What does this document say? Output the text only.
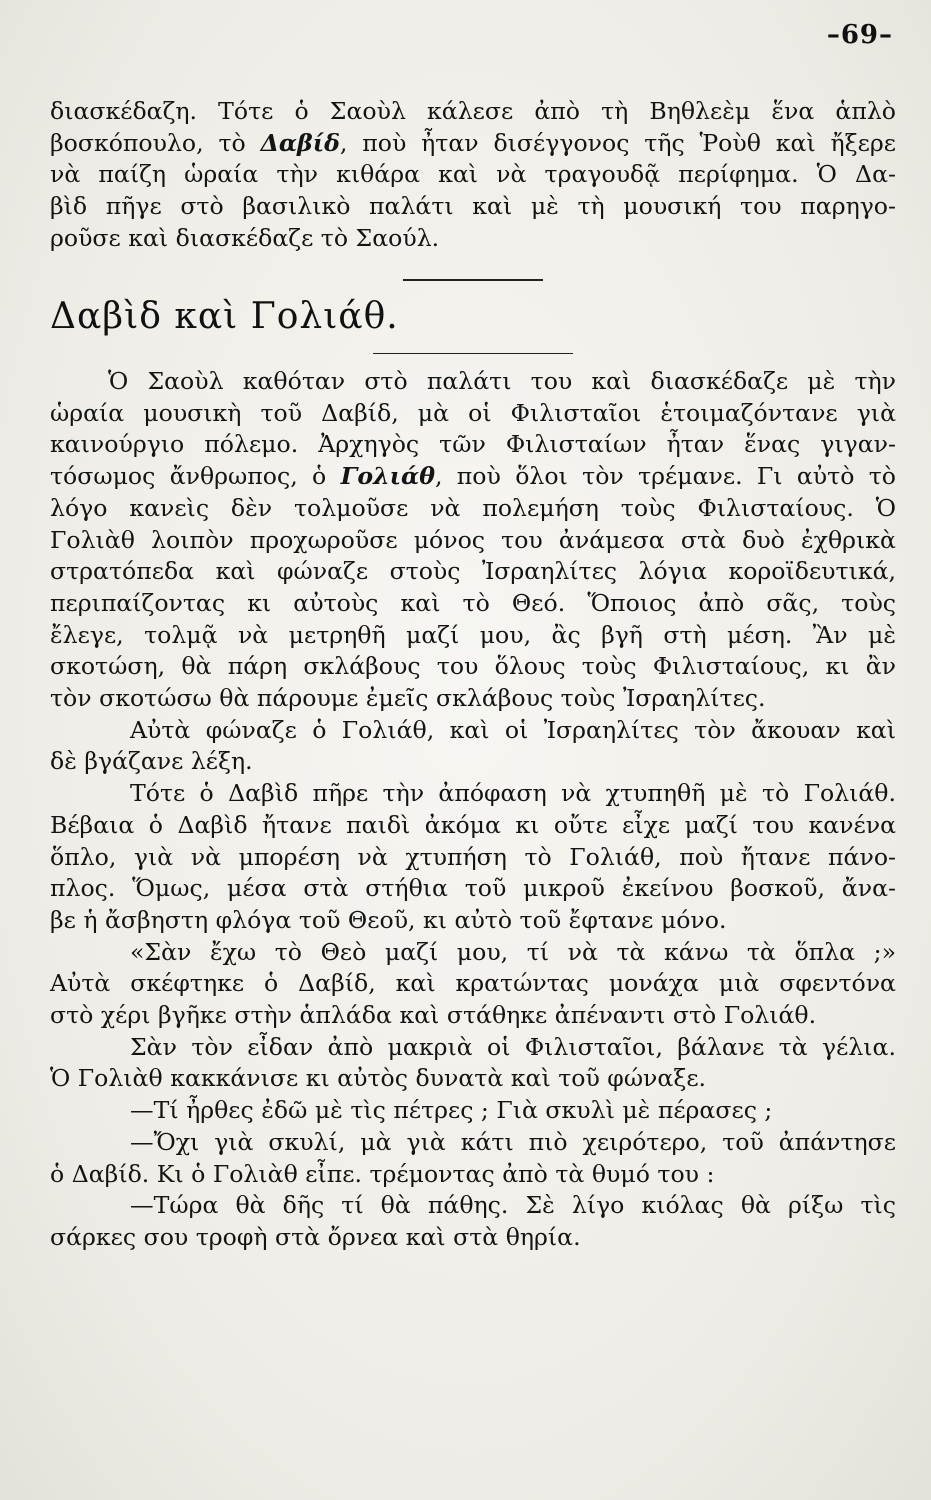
–69–
διασκέδαζη. Τότε ὁ Σαοὺλ κάλεσε ἀπὸ τὴ Βηθλεὲμ ἕνα ἁπλὸ
βοσκόπουλο, τὸ Δαβίδ, ποὺ ἦταν δισέγγονος τῆς Ῥοὺθ καὶ ἤξερε
νὰ παίζη ὡραία τὴν κιθάρα καὶ νὰ τραγουδᾷ περίφημα. Ὁ Δα-
βὶδ πῆγε στὸ βασιλικὸ παλάτι καὶ μὲ τὴ μουσική του παρηγο-
ροῦσε καὶ διασκέδαζε τὸ Σαούλ.
Δαβὶδ καὶ Γολιάθ.
Ὁ Σαοὺλ καθόταν στὸ παλάτι του καὶ διασκέδαζε μὲ τὴν
ὡραία μουσικὴ τοῦ Δαβίδ, μὰ οἱ Φιλισταῖοι ἑτοιμαζόντανε γιὰ
καινούργιο πόλεμο. Ἀρχηγὸς τῶν Φιλισταίων ἦταν ἕνας γιγαν-
τόσωμος ἄνθρωπος, ὁ Γολιάθ, ποὺ ὅλοι τὸν τρέμανε. Γι αὐτὸ τὸ
λόγο κανεὶς δὲν τολμοῦσε νὰ πολεμήση τοὺς Φιλισταίους. Ὁ
Γολιὰθ λοιπὸν προχωροῦσε μόνος του ἀνάμεσα στὰ δυὸ ἐχθρικὰ
στρατόπεδα καὶ φώναζε στοὺς Ἰσραηλίτες λόγια κοροϊδευτικά,
περιπαίζοντας κι αὐτοὺς καὶ τὸ Θεό. Ὅποιος ἀπὸ σᾶς, τοὺς
ἔλεγε, τολμᾷ νὰ μετρηθῆ μαζί μου, ἂς βγῆ στὴ μέση. Ἂν μὲ
σκοτώση, θὰ πάρη σκλάβους του ὅλους τοὺς Φιλισταίους, κι ἂν
τὸν σκοτώσω θὰ πάρουμε ἐμεῖς σκλάβους τοὺς Ἰσραηλίτες.
Αὐτὰ φώναζε ὁ Γολιάθ, καὶ οἱ Ἰσραηλίτες τὸν ἄκουαν καὶ
δὲ βγάζανε λέξη.
Τότε ὁ Δαβὶδ πῆρε τὴν ἀπόφαση νὰ χτυπηθῆ μὲ τὸ Γολιάθ.
Βέβαια ὁ Δαβὶδ ἤτανε παιδὶ ἀκόμα κι οὔτε εἶχε μαζί του κανένα
ὅπλο, γιὰ νὰ μπορέση νὰ χτυπήση τὸ Γολιάθ, ποὺ ἤτανε πάνο-
πλος. Ὅμως, μέσα στὰ στήθια τοῦ μικροῦ ἐκείνου βοσκοῦ, ἄνα-
βε ἡ ἄσβηστη φλόγα τοῦ Θεοῦ, κι αὐτὸ τοῦ ἔφτανε μόνο.
«Σὰν ἔχω τὸ Θεὸ μαζί μου, τί νὰ τὰ κάνω τὰ ὅπλα ;»
Αὐτὰ σκέφτηκε ὁ Δαβίδ, καὶ κρατώντας μονάχα μιὰ σφεντόνα
στὸ χέρι βγῆκε στὴν ἁπλάδα καὶ στάθηκε ἀπέναντι στὸ Γολιάθ.
Σὰν τὸν εἶδαν ἀπὸ μακριὰ οἱ Φιλισταῖοι, βάλανε τὰ γέλια.
Ὁ Γολιὰθ κακκάνισε κι αὐτὸς δυνατὰ καὶ τοῦ φώναξε.
—Τί ἦρθες ἐδῶ μὲ τὶς πέτρες ; Γιὰ σκυλὶ μὲ πέρασες ;
—Ὄχι γιὰ σκυλί, μὰ γιὰ κάτι πιὸ χειρότερο, τοῦ ἀπάντησε
ὁ Δαβίδ. Κι ὁ Γολιὰθ εἶπε. τρέμοντας ἀπὸ τὰ θυμό του :
—Τώρα θὰ δῆς τί θὰ πάθης. Σὲ λίγο κιόλας θὰ ρίξω τὶς
σάρκες σου τροφὴ στὰ ὄρνεα καὶ στὰ θηρία.
